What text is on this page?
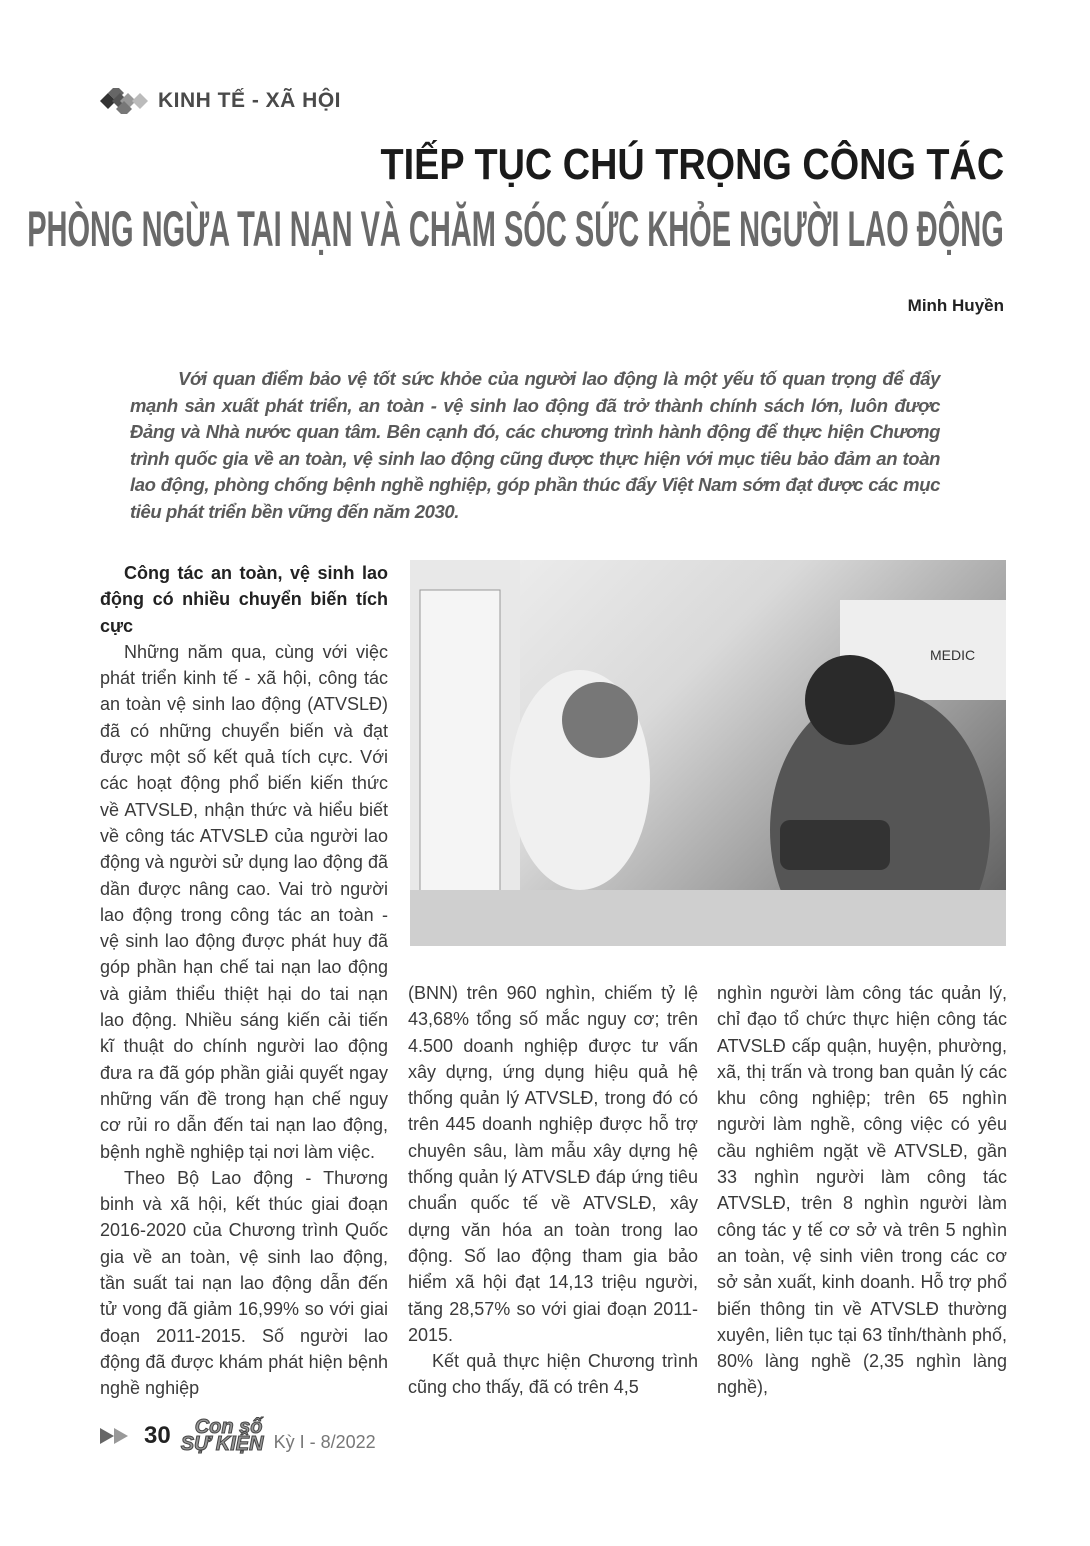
KINH TẾ - XÃ HỘI
TIẾP TỤC CHÚ TRỌNG CÔNG TÁC
PHÒNG NGỪA TAI NẠN VÀ CHĂM SÓC SỨC KHỎE NGƯỜI LAO ĐỘNG
Minh Huyền
Với quan điểm bảo vệ tốt sức khỏe của người lao động là một yếu tố quan trọng để đẩy mạnh sản xuất phát triển, an toàn - vệ sinh lao động đã trở thành chính sách lớn, luôn được Đảng và Nhà nước quan tâm. Bên cạnh đó, các chương trình hành động để thực hiện Chương trình quốc gia về an toàn, vệ sinh lao động cũng được thực hiện với mục tiêu bảo đảm an toàn lao động, phòng chống bệnh nghề nghiệp, góp phần thúc đẩy Việt Nam sớm đạt được các mục tiêu phát triển bền vững đến năm 2030.
Công tác an toàn, vệ sinh lao động có nhiều chuyển biến tích cực

Những năm qua, cùng với việc phát triển kinh tế - xã hội, công tác an toàn vệ sinh lao động (ATVSLĐ) đã có những chuyển biến và đạt được một số kết quả tích cực. Với các hoạt động phổ biến kiến thức về ATVSLĐ, nhận thức và hiểu biết về công tác ATVSLĐ của người lao động và người sử dụng lao động đã dần được nâng cao. Vai trò người lao động trong công tác an toàn - vệ sinh lao động được phát huy đã góp phần hạn chế tai nạn lao động và giảm thiểu thiệt hại do tai nạn lao động. Nhiều sáng kiến cải tiến kĩ thuật do chính người lao động đưa ra đã góp phần giải quyết ngay những vấn đề trong hạn chế nguy cơ rủi ro dẫn đến tai nạn lao động, bệnh nghề nghiệp tại nơi làm việc.

Theo Bộ Lao động - Thương binh và xã hội, kết thúc giai đoạn 2016-2020 của Chương trình Quốc gia về an toàn, vệ sinh lao động, tần suất tai nạn lao động dẫn đến tử vong đã giảm 16,99% so với giai đoạn 2011-2015. Số người lao động đã được khám phát hiện bệnh nghề nghiệp

MEDIC

(BNN) trên 960 nghìn, chiếm tỷ lệ 43,68% tổng số mắc nguy cơ; trên 4.500 doanh nghiệp được tư vấn xây dựng, ứng dụng hiệu quả hệ thống quản lý ATVSLĐ, trong đó có trên 445 doanh nghiệp được hỗ trợ chuyên sâu, làm mẫu xây dựng hệ thống quản lý ATVSLĐ đáp ứng tiêu chuẩn quốc tế về ATVSLĐ, xây dựng văn hóa an toàn trong lao động. Số lao động tham gia bảo hiểm xã hội đạt 14,13 triệu người, tăng 28,57% so với giai đoạn 2011-2015.

Kết quả thực hiện Chương trình cũng cho thấy, đã có trên 4,5

nghìn người làm công tác quản lý, chỉ đạo tổ chức thực hiện công tác ATVSLĐ cấp quận, huyện, phường, xã, thị trấn và trong ban quản lý các khu công nghiệp; trên 65 nghìn người làm nghề, công việc có yêu cầu nghiêm ngặt về ATVSLĐ, gần 33 nghìn người làm công tác ATVSLĐ, trên 8 nghìn người làm công tác y tế cơ sở và trên 5 nghìn an toàn, vệ sinh viên trong các cơ sở sản xuất, kinh doanh. Hỗ trợ phổ biến thông tin về ATVSLĐ thường xuyên, liên tục tại 63 tỉnh/thành phố, 80% làng nghề (2,35 nghìn làng nghề),

30	Con số
SỰ KIỆN Kỳ I - 8/2022
